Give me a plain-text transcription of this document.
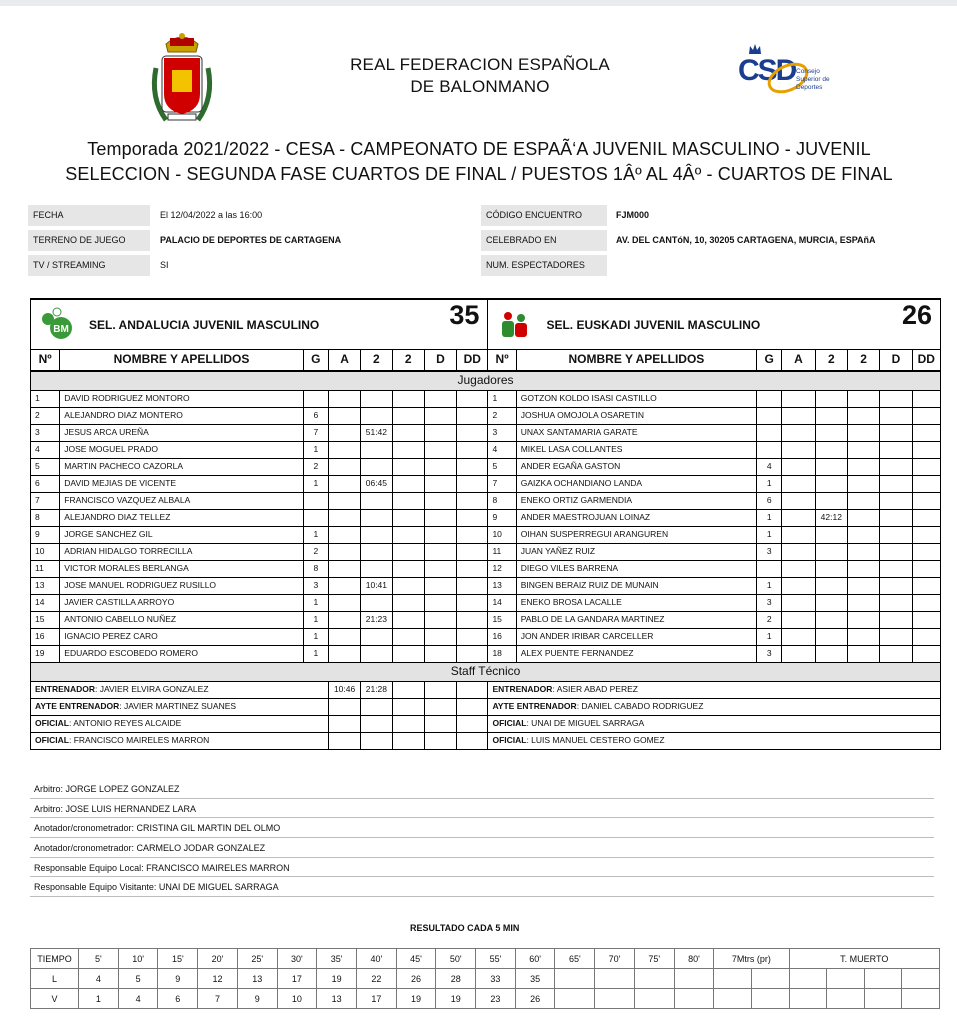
REAL FEDERACION ESPAÑOLA
DE BALONMANO	CSD Consejo Superior de Deportes
Temporada 2021/2022 - CESA - CAMPEONATO DE ESPAÃ‘A JUVENIL MASCULINO - JUVENIL
SELECCION - SEGUNDA FASE CUARTOS DE FINAL / PUESTOS 1Âº AL 4Âº - CUARTOS DE FINAL
FECHA	El 12/04/2022 a las 16:00
TERRENO DE JUEGO	PALACIO DE DEPORTES DE CARTAGENA
TV / STREAMING	SI
CÓDIGO ENCUENTRO	FJM000
CELEBRADO EN	AV. DEL CANTóN, 10, 30205 CARTAGENA, MURCIA, ESPAñA
NUM. ESPECTADORES
BM SEL. ANDALUCIA JUVENIL MASCULINO 35								SEL. EUSKADI JUVENIL MASCULINO 26							

Nº	NOMBRE Y APELLIDOS	G	A	2	2	D	DD	Nº	NOMBRE Y APELLIDOS	G	A	2	2	D	DD
Jugadores															
1	DAVID RODRIGUEZ MONTORO							1	GOTZON KOLDO ISASI CASTILLO						
2	ALEJANDRO DIAZ MONTERO	6						2	JOSHUA OMOJOLA OSARETIN						
3	JESUS ARCA UREÑA	7		51:42				3	UNAX SANTAMARIA GARATE						
4	JOSE MOGUEL PRADO	1						4	MIKEL LASA COLLANTES						
5	MARTIN PACHECO CAZORLA	2						5	ANDER EGAÑA GASTON	4					
6	DAVID MEJIAS DE VICENTE	1		06:45				7	GAIZKA OCHANDIANO LANDA	1					
7	FRANCISCO VAZQUEZ ALBALA							8	ENEKO ORTIZ GARMENDIA	6					
8	ALEJANDRO DIAZ TELLEZ							9	ANDER MAESTROJUAN LOINAZ	1		42:12			
9	JORGE SANCHEZ GIL	1						10	OIHAN SUSPERREGUI ARANGUREN	1					
10	ADRIAN HIDALGO TORRECILLA	2						11	JUAN YAÑEZ RUIZ	3					
11	VICTOR MORALES BERLANGA	8						12	DIEGO VILES BARRENA						
13	JOSE MANUEL RODRIGUEZ RUSILLO	3		10:41				13	BINGEN BERAIZ RUIZ DE MUNAIN	1					
14	JAVIER CASTILLA ARROYO	1						14	ENEKO BROSA LACALLE	3					
15	ANTONIO CABELLO NUÑEZ	1		21:23				15	PABLO DE LA GANDARA MARTINEZ	2					
16	IGNACIO PEREZ CARO	1						16	JON ANDER IRIBAR CARCELLER	1					
19	EDUARDO ESCOBEDO ROMERO	1						18	ALEX PUENTE FERNANDEZ	3					
Staff Técnico															
ENTRENADOR: JAVIER ELVIRA GONZALEZ			10:46	21:28				ENTRENADOR: ASIER ABAD PEREZ							
AYTE ENTRENADOR: JAVIER MARTINEZ SUANES								AYTE ENTRENADOR: DANIEL CABADO RODRIGUEZ							
OFICIAL: ANTONIO REYES ALCAIDE								OFICIAL: UNAI DE MIGUEL SARRAGA							
OFICIAL: FRANCISCO MAIRELES MARRON								OFICIAL: LUIS MANUEL CESTERO GOMEZ							
Arbitro: JORGE LOPEZ GONZALEZ
Arbitro: JOSE LUIS HERNANDEZ LARA
Anotador/cronometrador: CRISTINA GIL MARTIN DEL OLMO
Anotador/cronometrador: CARMELO JODAR GONZALEZ
Responsable Equipo Local: FRANCISCO MAIRELES MARRON
Responsable Equipo Visitante: UNAI DE MIGUEL SARRAGA
RESULTADO CADA 5 MIN
TIEMPO	5'	10'	15'	20'	25'	30'	35'	40'	45'	50'	55'	60'	65'	70'	75'	80'	7Mtrs (pr)		T. MUERTO			
L	4	5	9	12	13	17	19	22	26	28	33	35										
V	1	4	6	7	9	10	13	17	19	19	23	26										
